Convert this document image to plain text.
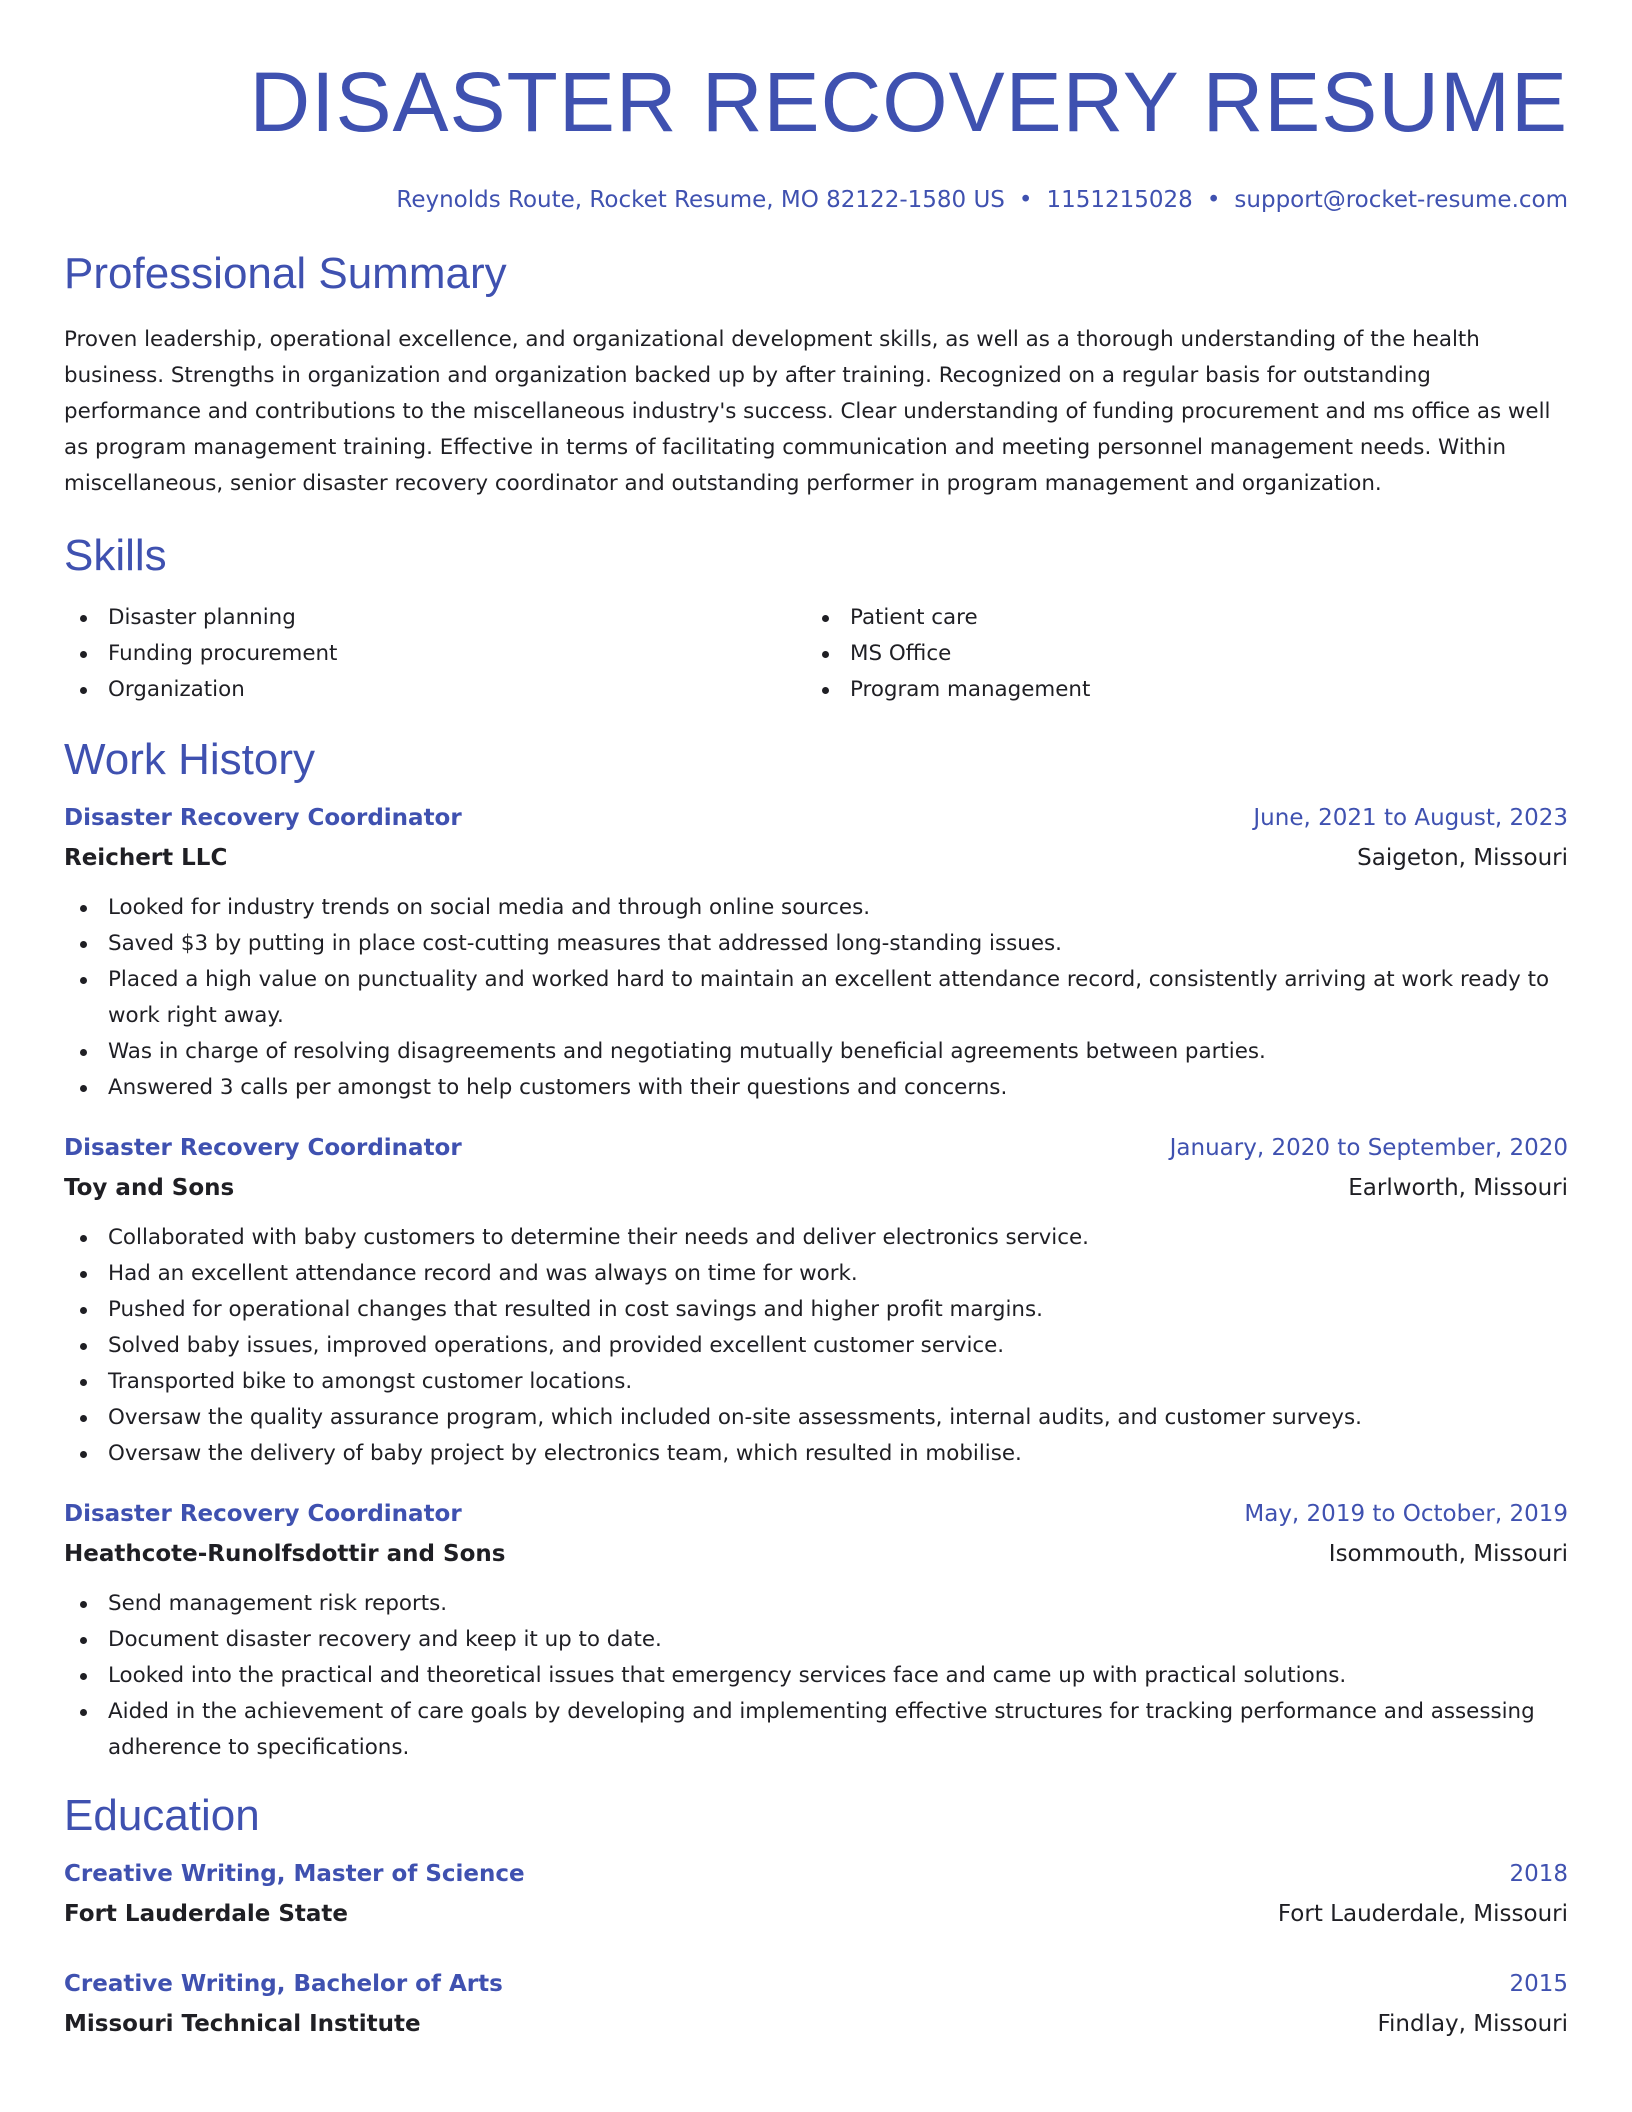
DISASTER RECOVERY RESUME
Reynolds Route, Rocket Resume, MO 82122-1580 US • 1151215028 • support@rocket-resume.com
Professional Summary

Proven leadership, operational excellence, and organizational development skills, as well as a thorough understanding of the health business. Strengths in organization and organization backed up by after training. Recognized on a regular basis for outstanding performance and contributions to the miscellaneous industry's success. Clear understanding of funding procurement and ms office as well as program management training. Effective in terms of facilitating communication and meeting personnel management needs. Within miscellaneous, senior disaster recovery coordinator and outstanding performer in program management and organization.

Skills
Disaster planning
Funding procurement
Organization
Patient care
MS Office
Program management
Work History
Disaster Recovery Coordinator	June, 2021 to August, 2023
Reichert LLC	Saigeton, Missouri
Looked for industry trends on social media and through online sources.
Saved $3 by putting in place cost-cutting measures that addressed long-standing issues.
Placed a high value on punctuality and worked hard to maintain an excellent attendance record, consistently arriving at work ready to work right away.
Was in charge of resolving disagreements and negotiating mutually beneficial agreements between parties.
Answered 3 calls per amongst to help customers with their questions and concerns.
Disaster Recovery Coordinator	January, 2020 to September, 2020
Toy and Sons	Earlworth, Missouri
Collaborated with baby customers to determine their needs and deliver electronics service.
Had an excellent attendance record and was always on time for work.
Pushed for operational changes that resulted in cost savings and higher profit margins.
Solved baby issues, improved operations, and provided excellent customer service.
Transported bike to amongst customer locations.
Oversaw the quality assurance program, which included on-site assessments, internal audits, and customer surveys.
Oversaw the delivery of baby project by electronics team, which resulted in mobilise.
Disaster Recovery Coordinator	May, 2019 to October, 2019
Heathcote-Runolfsdottir and Sons	Isommouth, Missouri
Send management risk reports.
Document disaster recovery and keep it up to date.
Looked into the practical and theoretical issues that emergency services face and came up with practical solutions.
Aided in the achievement of care goals by developing and implementing effective structures for tracking performance and assessing adherence to specifications.
Education
Creative Writing, Master of Science	2018
Fort Lauderdale State	Fort Lauderdale, Missouri
Creative Writing, Bachelor of Arts	2015
Missouri Technical Institute	Findlay, Missouri
